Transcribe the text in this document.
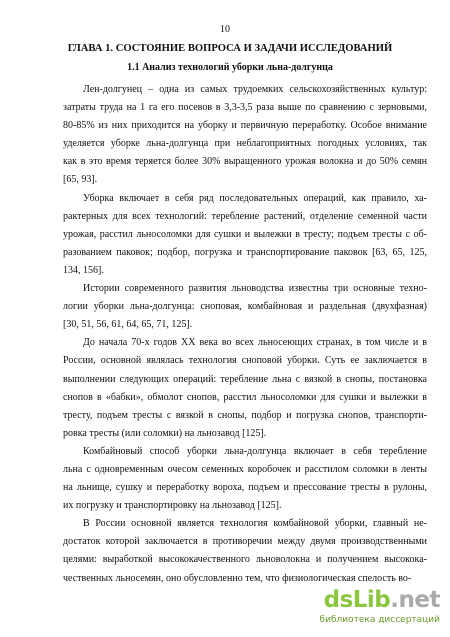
10
ГЛАВА 1. СОСТОЯНИЕ ВОПРОСА И ЗАДАЧИ ИССЛЕДОВАНИЙ
1.1 Анализ технологий уборки льна-долгунца
Лен-долгунец – одна из самых трудоемких сельскохозяйственных культур:
затраты труда на 1 га его посевов в 3,3-3,5 раза выше по сравнению с зерновыми,
80-85% из них приходится на уборку и первичную переработку. Особое внимание
уделяется уборке льна-долгунца при неблагоприятных погодных условиях, так
как в это время теряется более 30% выращенного урожая волокна и до 50% семян
[65, 93].
Уборка включает в себя ряд последовательных операций, как правило, ха-
рактерных для всех технологий: теребление растений, отделение семенной части
урожая, расстил льносоломки для сушки и вылежки в тресту; подъем тресты с об-
разованием паковок; подбор, погрузка и транспортирование паковок [63, 65, 125,
134, 156].
Истории современного развития льноводства известны три основные техно-
логии уборки льна-долгунца: сноповая, комбайновая и раздельная (двухфазная)
[30, 51, 56, 61, 64, 65, 71, 125].
До начала 70-х годов XX века во всех льносеющих странах, в том числе и в
России, основной являлась технология сноповой уборки. Суть ее заключается в
выполнении следующих операций: теребление льна с вязкой в снопы, постановка
снопов в «бабки», обмолот снопов, расстил льносоломки для сушки и вылежки в
тресту, подъем тресты с вязкой в снопы, подбор и погрузка снопов, транспорти-
ровка тресты (или соломки) на льнозавод [125].
Комбайновый способ уборки льна-долгунца включает в себя теребление
льна с одновременным очесом семенных коробочек и расстилом соломки в ленты
на льнище, сушку и переработку вороха, подъем и прессование тресты в рулоны,
их погрузку и транспортировку на льнозавод [125].
В России основной является технология комбайновой уборки, главный не-
достаток которой заключается в противоречии между двумя производственными
целями: выработкой высококачественного льноволокна и получением высокока-
чественных льносемян, оно обусловленно тем, что физиологическая спелость во-
dsLib.net
библиотека диссертаций
